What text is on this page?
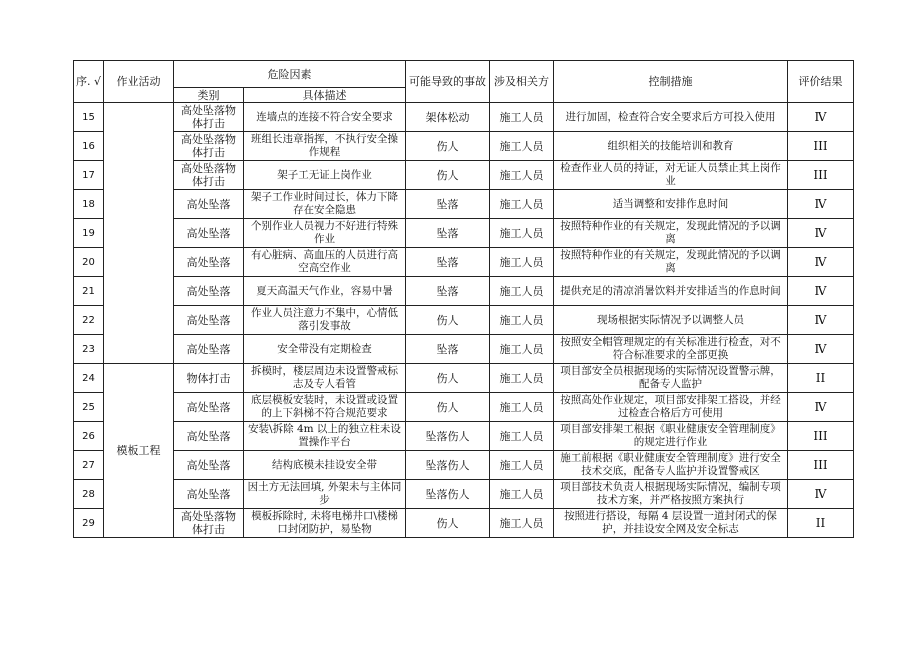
序. √	作业活动	危险因素		可能导致的事故	涉及相关方	控制措施	评价结果
		类别	具体描述				
15		高处坠落物体打击	连墙点的连接不符合安全要求	架体松动	施工人员	进行加固，检查符合安全要求后方可投入使用	Ⅳ
16		高处坠落物体打击	班组长违章指挥，不执行安全操作规程	伤人	施工人员	组织相关的技能培训和教育	III
17		高处坠落物体打击	架子工无证上岗作业	伤人	施工人员	检查作业人员的持证，对无证人员禁止其上岗作业	III
18		高处坠落	架子工作业时间过长，体力下降存在安全隐患	坠落	施工人员	适当调整和安排作息时间	Ⅳ
19		高处坠落	个别作业人员视力不好进行特殊作业	坠落	施工人员	按照特种作业的有关规定，发现此情况的予以调离	Ⅳ
20		高处坠落	有心脏病、高血压的人员进行高空高空作业	坠落	施工人员	按照特种作业的有关规定，发现此情况的予以调离	Ⅳ
21		高处坠落	夏天高温天气作业，容易中暑	坠落	施工人员	提供充足的清凉消暑饮料并安排适当的作息时间	Ⅳ
22		高处坠落	作业人员注意力不集中，心情低落引发事故	伤人	施工人员	现场根据实际情况予以调整人员	Ⅳ
23		高处坠落	安全带没有定期检查	坠落	施工人员	按照安全帽管理规定的有关标准进行检查，对不符合标准要求的全部更换	Ⅳ
24	模板工程	物体打击	拆模时，楼层周边未设置警戒标志及专人看管	伤人	施工人员	项目部安全员根据现场的实际情况设置警示牌，配备专人监护	II
25		高处坠落	底层模板安装时，未设置或设置的上下斜梯不符合规范要求	伤人	施工人员	按照高处作业规定，项目部安排架工搭设，并经过检查合格后方可使用	Ⅳ
26		高处坠落	安装\拆除 4m 以上的独立柱未设置操作平台	坠落伤人	施工人员	项目部安排架工根据《职业健康安全管理制度》的规定进行作业	III
27		高处坠落	结构底模未挂设安全带	坠落伤人	施工人员	施工前根据《职业健康安全管理制度》进行安全技术交底，配备专人监护并设置警戒区	III
28		高处坠落	因土方无法回填, 外架未与主体同步	坠落伤人	施工人员	项目部技术负责人根据现场实际情况，编制专项技术方案，并严格按照方案执行	Ⅳ
29		高处坠落物体打击	模板拆除时, 未将电梯井口\楼梯口封闭防护，易坠物	伤人	施工人员	按照进行搭设，每隔 4 层设置一道封闭式的保护，并挂设安全网及安全标志	II
